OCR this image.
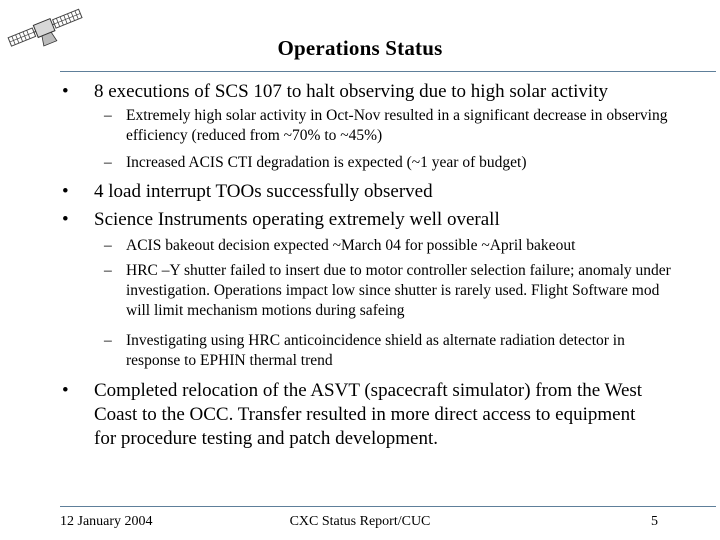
Operations Status
• 8 executions of SCS 107 to halt observing due to high solar activity
– Extremely high solar activity in Oct-Nov resulted in a significant decrease in observing efficiency (reduced from ~70% to ~45%)
– Increased ACIS CTI degradation is expected (~1 year of budget)
• 4 load interrupt TOOs successfully observed
• Science Instruments operating extremely well overall
– ACIS bakeout decision expected ~March 04 for possible ~April bakeout
– HRC –Y shutter failed to insert due to motor controller selection failure; anomaly under investigation. Operations impact low since shutter is rarely used. Flight Software mod will limit mechanism motions during safeing
– Investigating using HRC anticoincidence shield as alternate radiation detector in response to EPHIN thermal trend
• Completed relocation of the ASVT (spacecraft simulator) from the West Coast to the OCC. Transfer resulted in more direct access to equipment for procedure testing and patch development.
12 January 2004	CXC Status Report/CUC	5
